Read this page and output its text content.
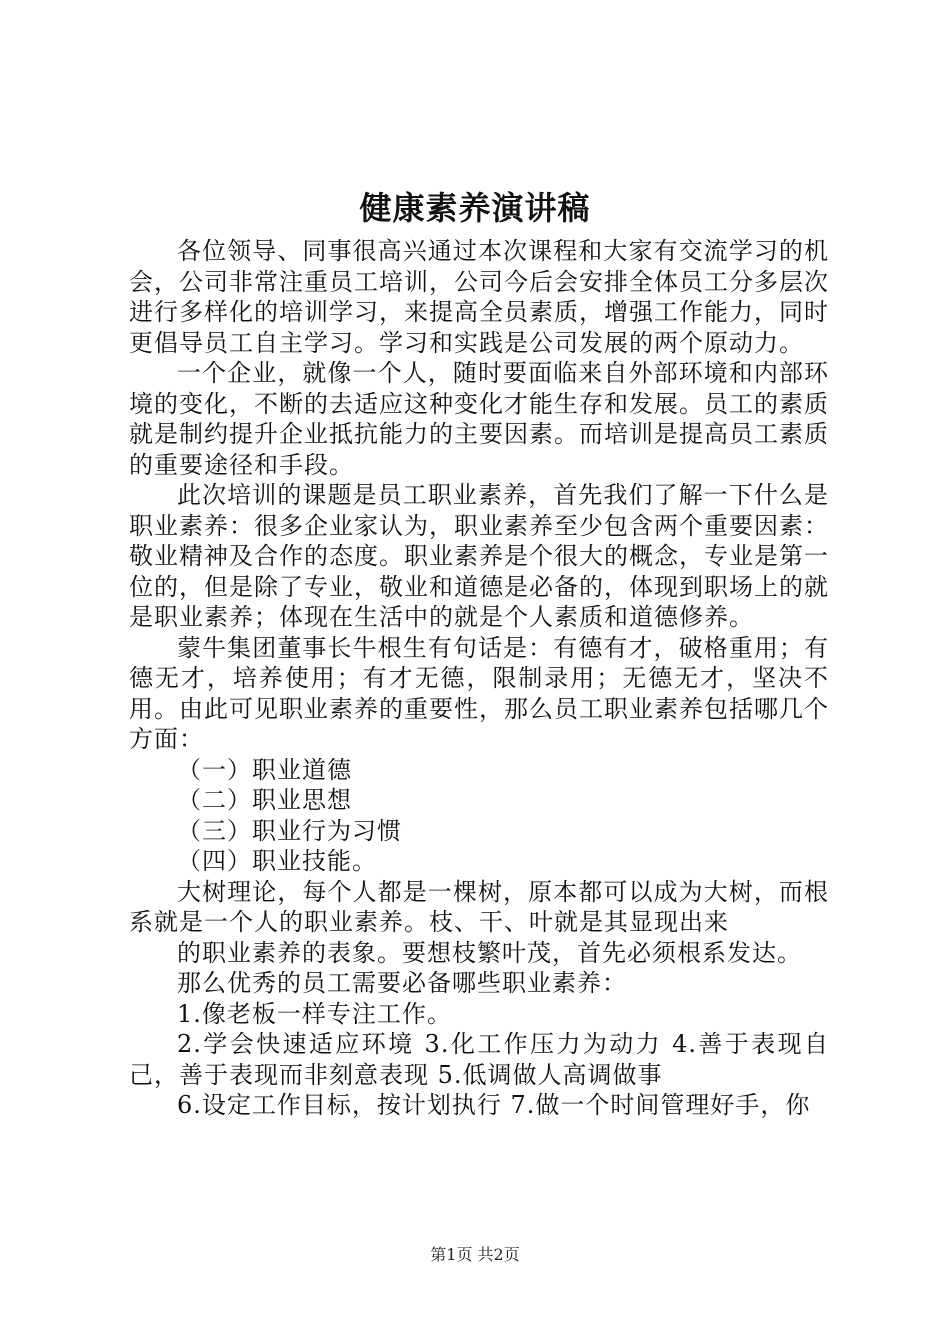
健康素养演讲稿

各位领导、同事很高兴通过本次课程和大家有交流学习的机会，公司非常注重员工培训，公司今后会安排全体员工分多层次进行多样化的培训学习，来提高全员素质，增强工作能力，同时更倡导员工自主学习。学习和实践是公司发展的两个原动力。

一个企业，就像一个人，随时要面临来自外部环境和内部环境的变化，不断的去适应这种变化才能生存和发展。员工的素质就是制约提升企业抵抗能力的主要因素。而培训是提高员工素质的重要途径和手段。

此次培训的课题是员工职业素养，首先我们了解一下什么是职业素养：很多企业家认为，职业素养至少包含两个重要因素：敬业精神及合作的态度。职业素养是个很大的概念，专业是第一位的，但是除了专业，敬业和道德是必备的，体现到职场上的就是职业素养；体现在生活中的就是个人素质和道德修养。

蒙牛集团董事长牛根生有句话是：有德有才，破格重用；有德无才，培养使用；有才无德，限制录用；无德无才，坚决不用。由此可见职业素养的重要性，那么员工职业素养包括哪几个方面：

（一）职业道德

（二）职业思想

（三）职业行为习惯

（四）职业技能。

大树理论，每个人都是一棵树，原本都可以成为大树，而根系就是一个人的职业素养。枝、干、叶就是其显现出来

的职业素养的表象。要想枝繁叶茂，首先必须根系发达。

那么优秀的员工需要必备哪些职业素养：

1.像老板一样专注工作。

2.学会快速适应环境 3.化工作压力为动力 4.善于表现自己，善于表现而非刻意表现 5.低调做人高调做事

6.设定工作目标，按计划执行 7.做一个时间管理好手，你

第1页 共2页
